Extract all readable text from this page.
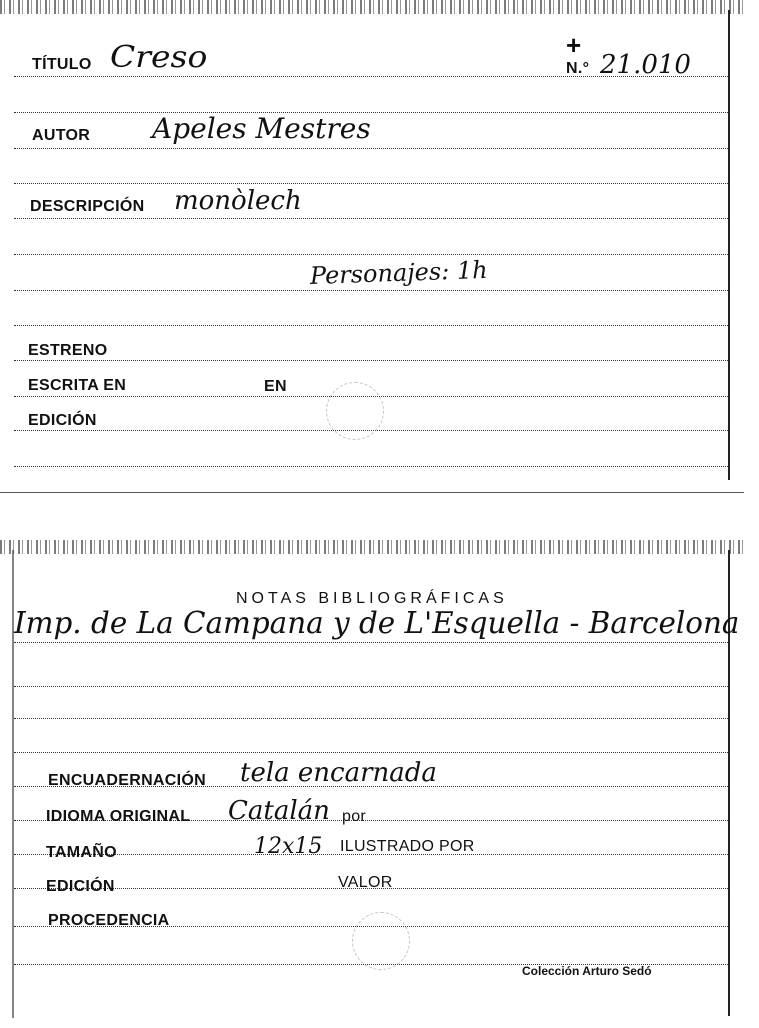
TÍTULO Creso	+
N.° 21.010
AUTOR Apeles Mestres
DESCRIPCIÓN monòlech
Personajes: 1h
ESTRENO
ESCRITA EN	EN
EDICIÓN
NOTAS BIBLIOGRÁFICAS
Imp. de La Campana y de L'Esquella - Barcelona
ENCUADERNACIÓN tela encarnada
IDIOMA ORIGINAL Catalán por
TAMAÑO	12x15 ILUSTRADO POR
EDICIÓN	VALOR
PROCEDENCIA
Colección Arturo Sedó
